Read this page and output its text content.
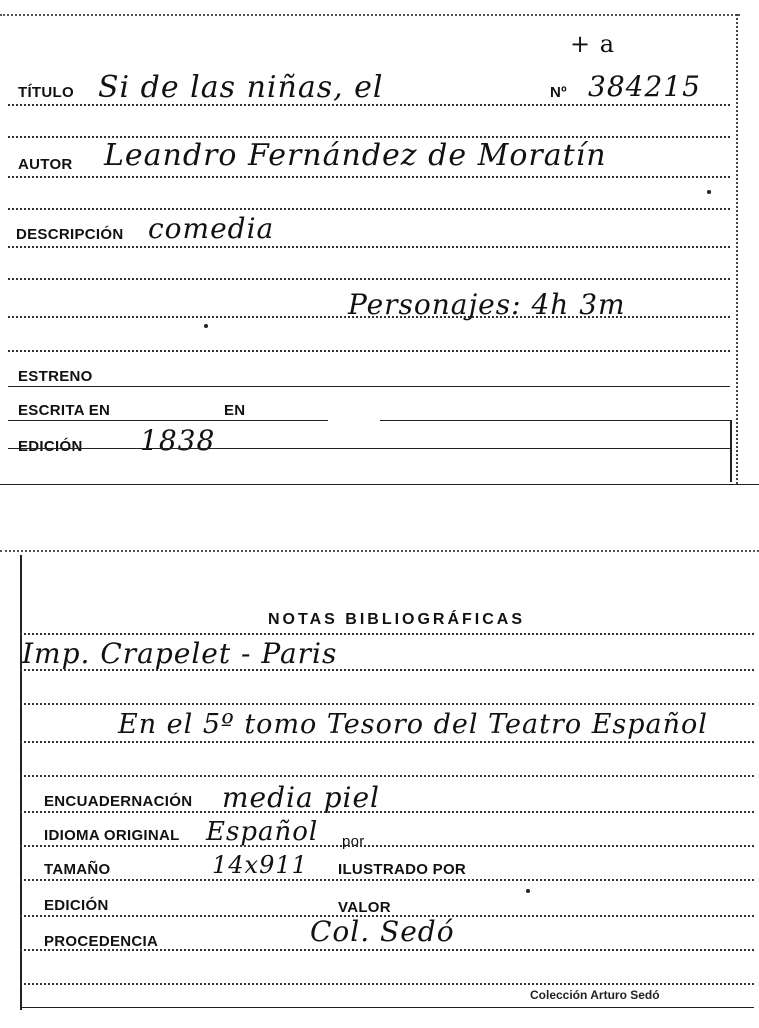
TÍTULO Si de las niñas, el	Nº 384215
+ a
AUTOR Leandro Fernández de Moratín
DESCRIPCIÓN comedia
Personajes: 4h 3m
ESTRENO
ESCRITA EN	EN
EDICIÓN 1838
NOTAS BIBLIOGRÁFICAS
Imp. Crapelet - Paris
En el 5º tomo Tesoro del Teatro Español
ENCUADERNACIÓN media piel
IDIOMA ORIGINAL Español por
TAMAÑO	14x911 ILUSTRADO POR
EDICIÓN	VALOR
PROCEDENCIA	Col. Sedó
Colección Arturo Sedó
